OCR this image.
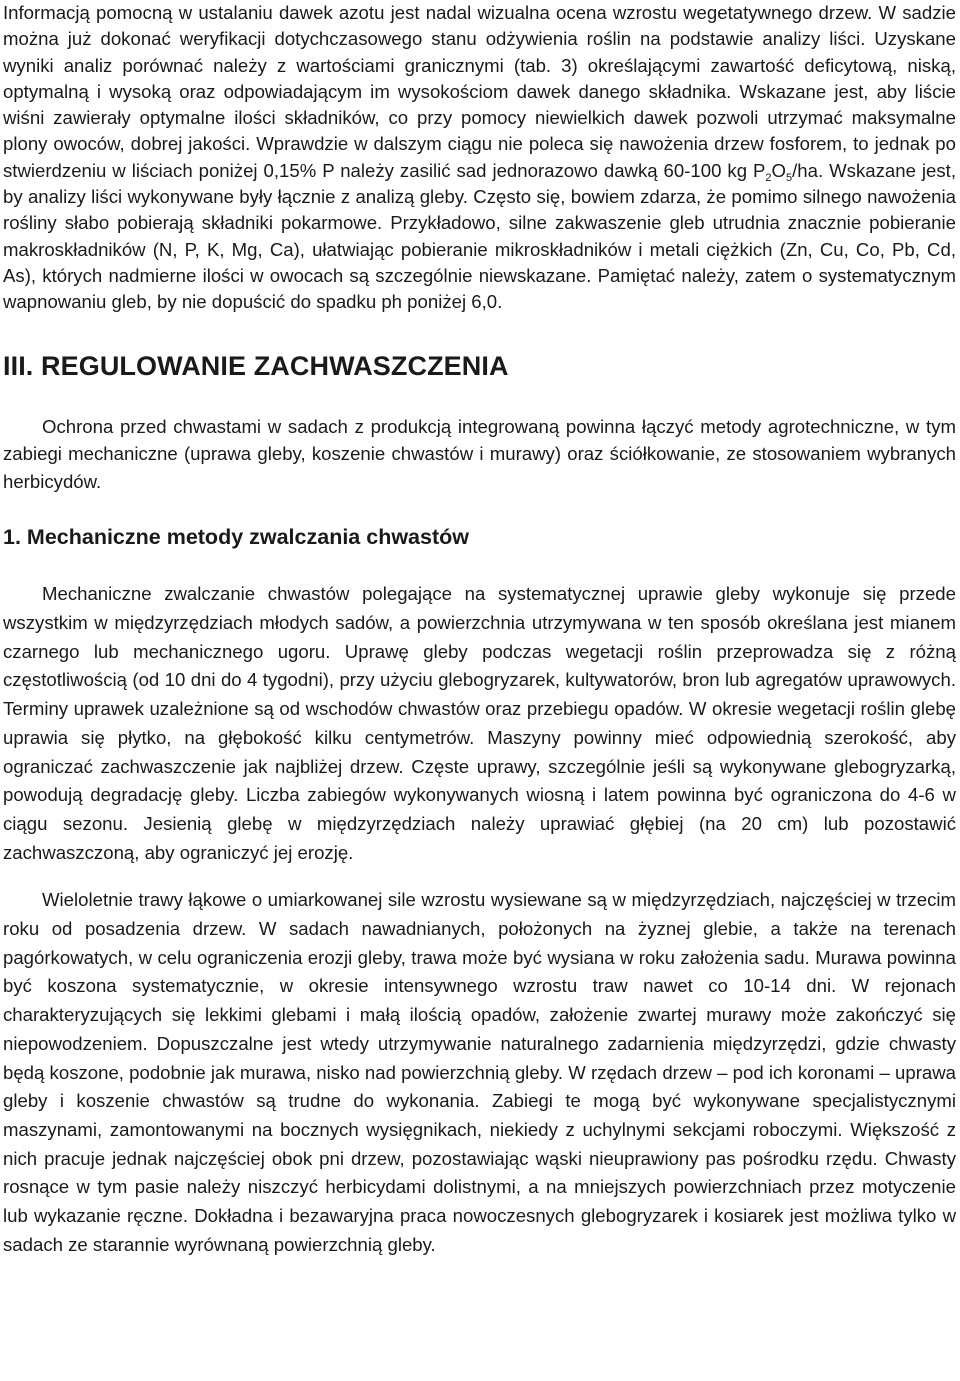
Informacją pomocną w ustalaniu dawek azotu jest nadal wizualna ocena wzrostu wegetatywnego drzew. W sadzie można już dokonać weryfikacji dotychczasowego stanu odżywienia roślin na podstawie analizy liści. Uzyskane wyniki analiz porównać należy z wartościami granicznymi (tab. 3) określającymi zawartość deficytową, niską, optymalną i wysoką oraz odpowiadającym im wysokościom dawek danego składnika. Wskazane jest, aby liście wiśni zawierały optymalne ilości składników, co przy pomocy niewielkich dawek pozwoli utrzymać maksymalne plony owoców, dobrej jakości. Wprawdzie w dalszym ciągu nie poleca się nawożenia drzew fosforem, to jednak po stwierdzeniu w liściach poniżej 0,15% P należy zasilić sad jednorazowo dawką 60-100 kg $P_2O_5/ha$. Wskazane jest, by analizy liści wykonywane były łącznie z analizą gleby. Często się, bowiem zdarza, że pomimo silnego nawożenia rośliny słabo pobierają składniki pokarmowe. Przykładowo, silne zakwaszenie gleb utrudnia znacznie pobieranie makroskładników (N, P, K, Mg, Ca), ułatwiając pobieranie mikroskładników i metali ciężkich (Zn, Cu, Co, Pb, Cd, As), których nadmierne ilości w owocach są szczególnie niewskazane. Pamiętać należy, zatem o systematycznym wapnowaniu gleb, by nie dopuścić do spadku ph poniżej 6,0.

III. REGULOWANIE ZACHWASZCZENIA

Ochrona przed chwastami w sadach z produkcją integrowaną powinna łączyć metody agrotechniczne, w tym zabiegi mechaniczne (uprawa gleby, koszenie chwastów i murawy) oraz ściółkowanie, ze stosowaniem wybranych herbicydów.

1. Mechaniczne metody zwalczania chwastów

Mechaniczne zwalczanie chwastów polegające na systematycznej uprawie gleby wykonuje się przede wszystkim w międzyrzędziach młodych sadów, a powierzchnia utrzymywana w ten sposób określana jest mianem czarnego lub mechanicznego ugoru. Uprawę gleby podczas wegetacji roślin przeprowadza się z różną częstotliwością (od 10 dni do 4 tygodni), przy użyciu glebogryzarek, kultywatorów, bron lub agregatów uprawowych. Terminy uprawek uzależnione są od wschodów chwastów oraz przebiegu opadów. W okresie wegetacji roślin glebę uprawia się płytko, na głębokość kilku centymetrów. Maszyny powinny mieć odpowiednią szerokość, aby ograniczać zachwaszczenie jak najbliżej drzew. Częste uprawy, szczególnie jeśli są wykonywane glebogryzarką, powodują degradację gleby. Liczba zabiegów wykonywanych wiosną i latem powinna być ograniczona do 4-6 w ciągu sezonu. Jesienią glebę w międzyrzędziach należy uprawiać głębiej (na 20 cm) lub pozostawić zachwaszczoną, aby ograniczyć jej erozję.

Wieloletnie trawy łąkowe o umiarkowanej sile wzrostu wysiewane są w międzyrzędziach, najczęściej w trzecim roku od posadzenia drzew. W sadach nawadnianych, położonych na żyznej glebie, a także na terenach pagórkowatych, w celu ograniczenia erozji gleby, trawa może być wysiana w roku założenia sadu. Murawa powinna być koszona systematycznie, w okresie intensywnego wzrostu traw nawet co 10-14 dni. W rejonach charakteryzujących się lekkimi glebami i małą ilością opadów, założenie zwartej murawy może zakończyć się niepowodzeniem. Dopuszczalne jest wtedy utrzymywanie naturalnego zadarnienia międzyrzędzi, gdzie chwasty będą koszone, podobnie jak murawa, nisko nad powierzchnią gleby. W rzędach drzew – pod ich koronami – uprawa gleby i koszenie chwastów są trudne do wykonania. Zabiegi te mogą być wykonywane specjalistycznymi maszynami, zamontowanymi na bocznych wysięgnikach, niekiedy z uchylnymi sekcjami roboczymi. Większość z nich pracuje jednak najczęściej obok pni drzew, pozostawiając wąski nieuprawiony pas pośrodku rzędu. Chwasty rosnące w tym pasie należy niszczyć herbicydami dolistnymi, a na mniejszych powierzchniach przez motyczenie lub wykazanie ręczne. Dokładna i bezawaryjna praca nowoczesnych glebogryzarek i kosiarek jest możliwa tylko w sadach ze starannie wyrównaną powierzchnią gleby.
